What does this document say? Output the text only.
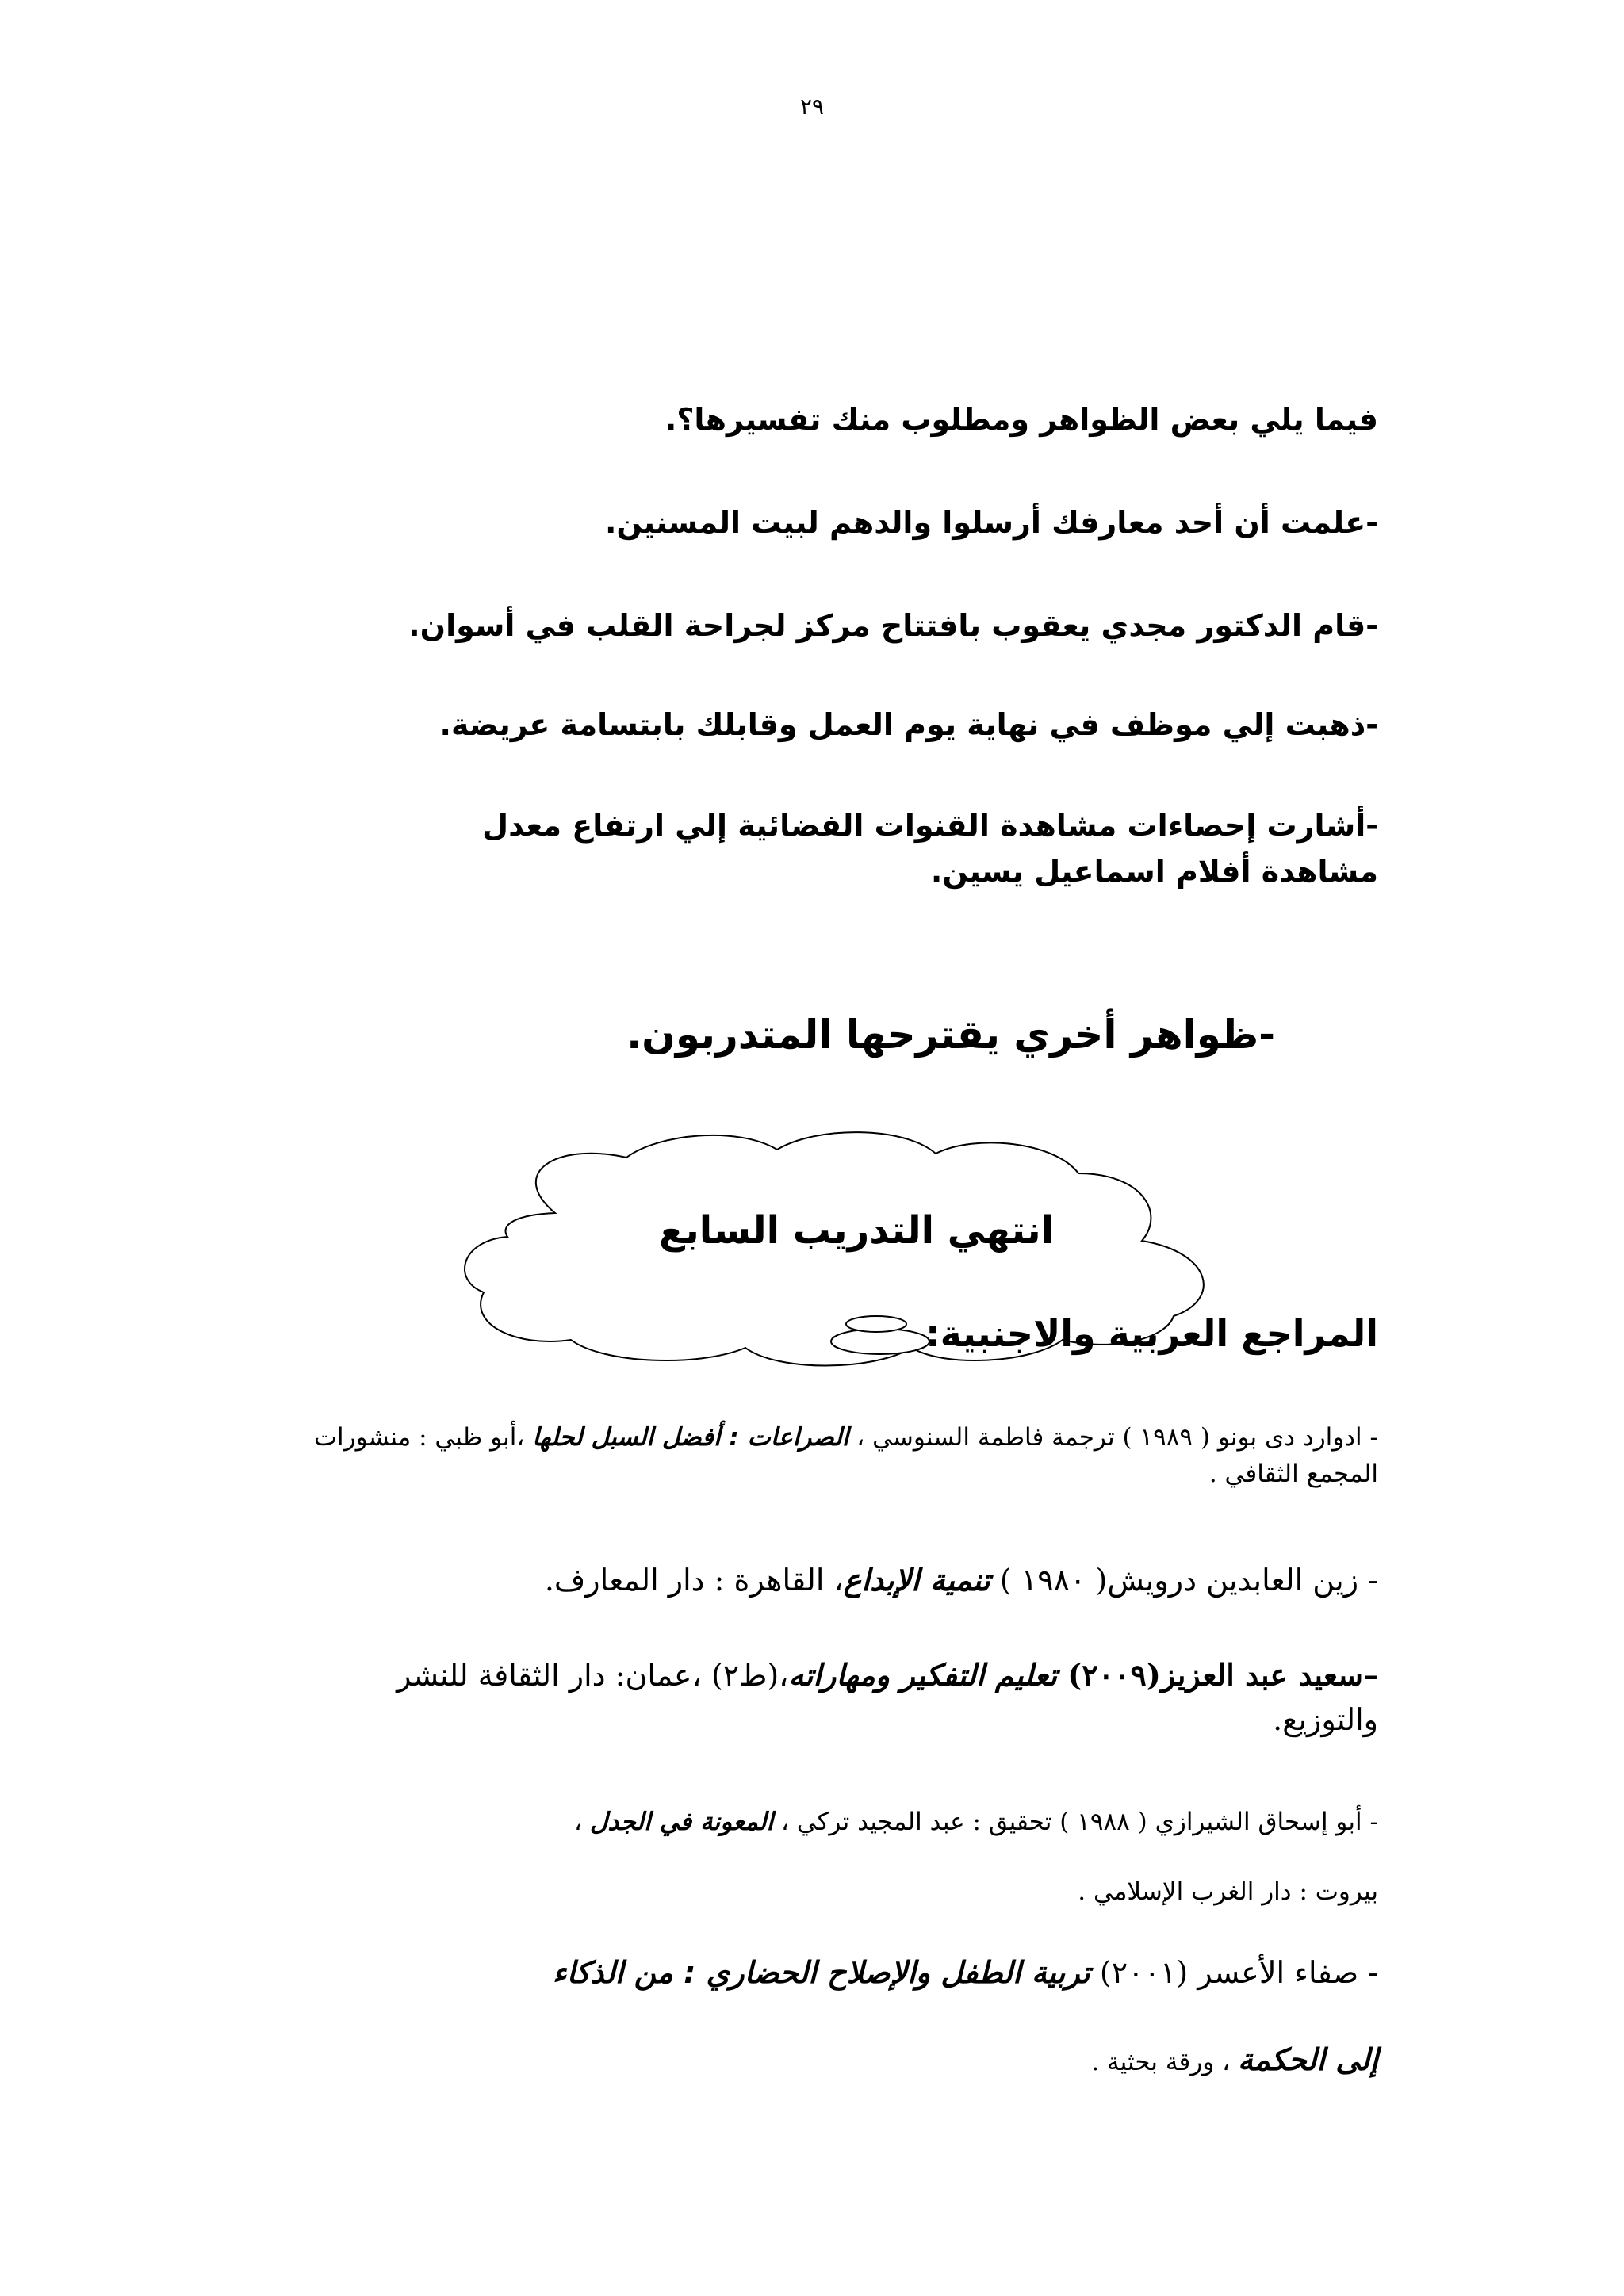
٢٩
فيما يلي بعض الظواهر ومطلوب منك تفسيرها؟.
-علمت أن أحد معارفك أرسلوا والدهم لبيت المسنين.
-قام الدكتور مجدي يعقوب بافتتاح مركز لجراحة القلب في أسوان.
-ذهبت إلي موظف في نهاية يوم العمل وقابلك بابتسامة عريضة.
-أشارت إحصاءات مشاهدة القنوات الفضائية إلي ارتفاع معدل مشاهدة أفلام اسماعيل يسين.
-ظواهر أخري يقترحها المتدربون.
انتهي التدريب السابع
المراجع العربية والاجنبية:
- ادوارد دى بونو ( ١٩٨٩ ) ترجمة فاطمة السنوسي ، الصراعات : أفضل السبل لحلها ،أبو ظبي : منشورات المجمع الثقافي .
- زين العابدين درويش( ١٩٨٠ ) تنمية الإبداع، القاهرة : دار المعارف.
–سعيد عبد العزيز(٢٠٠٩) تعليم التفكير ومهاراته،(ط٢) ،عمان: دار الثقافة للنشر والتوزيع.
- أبو إسحاق الشيرازي ( ١٩٨٨ ) تحقيق : عبد المجيد تركي ، المعونة في الجدل ،
بيروت : دار الغرب الإسلامي .
- صفاء الأعسر (٢٠٠١) تربية الطفل والإصلاح الحضاري : من الذكاء
إلى الحكمة ، ورقة بحثية .
